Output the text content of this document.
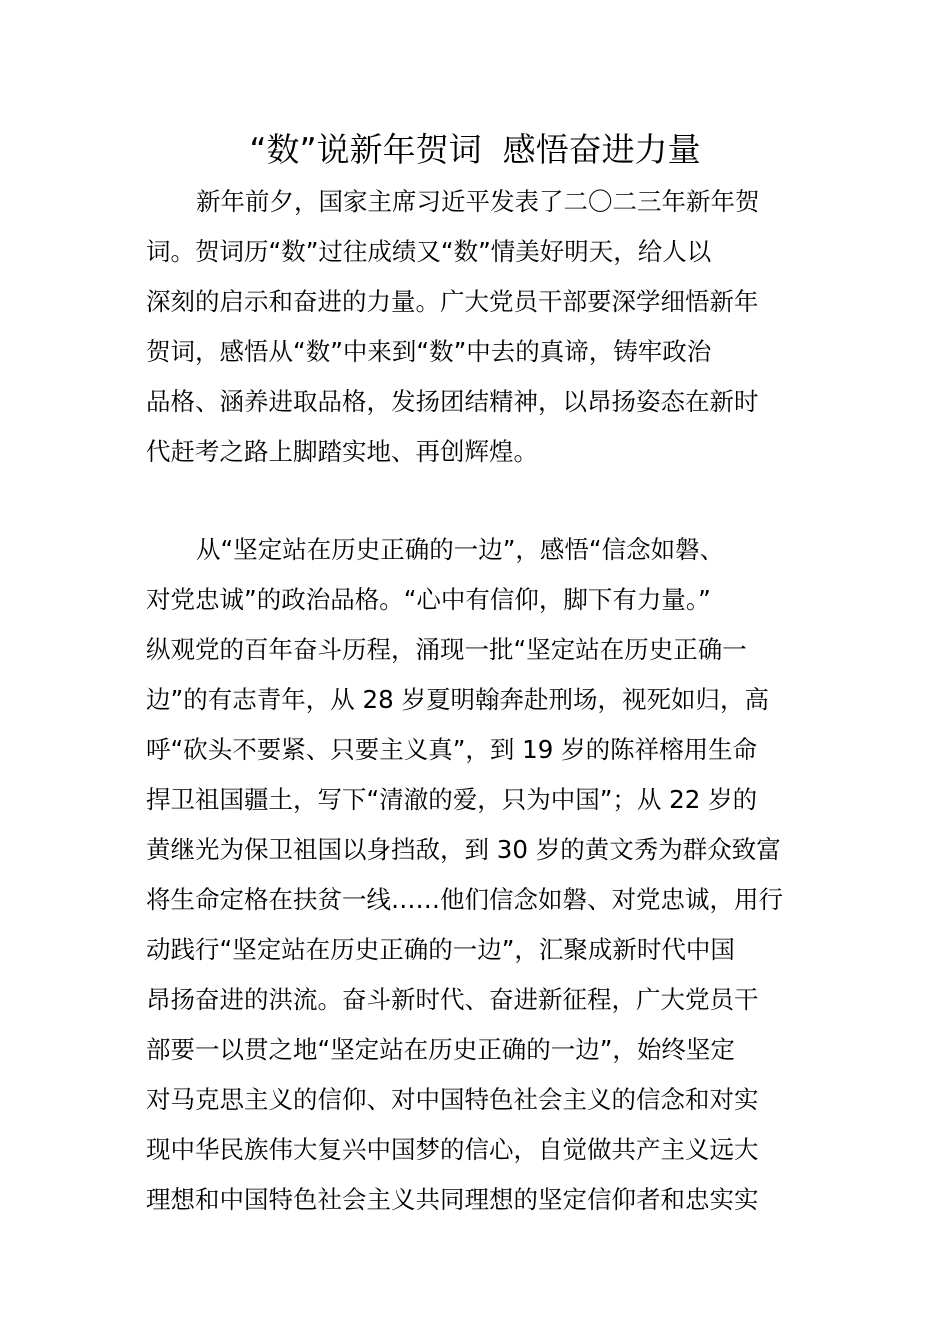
“数”说新年贺词  感悟奋进力量
新年前夕，国家主席习近平发表了二〇二三年新年贺
词。贺词历“数”过往成绩又“数”情美好明天，给人以
深刻的启示和奋进的力量。广大党员干部要深学细悟新年
贺词，感悟从“数”中来到“数”中去的真谛，铸牢政治
品格、涵养进取品格，发扬团结精神，以昂扬姿态在新时
代赶考之路上脚踏实地、再创辉煌。
从“坚定站在历史正确的一边”，感悟“信念如磐、
对党忠诚”的政治品格。“心中有信仰，脚下有力量。”
纵观党的百年奋斗历程，涌现一批“坚定站在历史正确一
边”的有志青年，从 28 岁夏明翰奔赴刑场，视死如归，高
呼“砍头不要紧、只要主义真”，到 19 岁的陈祥榕用生命
捍卫祖国疆土，写下“清澈的爱，只为中国”；从 22 岁的
黄继光为保卫祖国以身挡敌，到 30 岁的黄文秀为群众致富
将生命定格在扶贫一线……他们信念如磐、对党忠诚，用行
动践行“坚定站在历史正确的一边”，汇聚成新时代中国
昂扬奋进的洪流。奋斗新时代、奋进新征程，广大党员干
部要一以贯之地“坚定站在历史正确的一边”，始终坚定
对马克思主义的信仰、对中国特色社会主义的信念和对实
现中华民族伟大复兴中国梦的信心，自觉做共产主义远大
理想和中国特色社会主义共同理想的坚定信仰者和忠实实
